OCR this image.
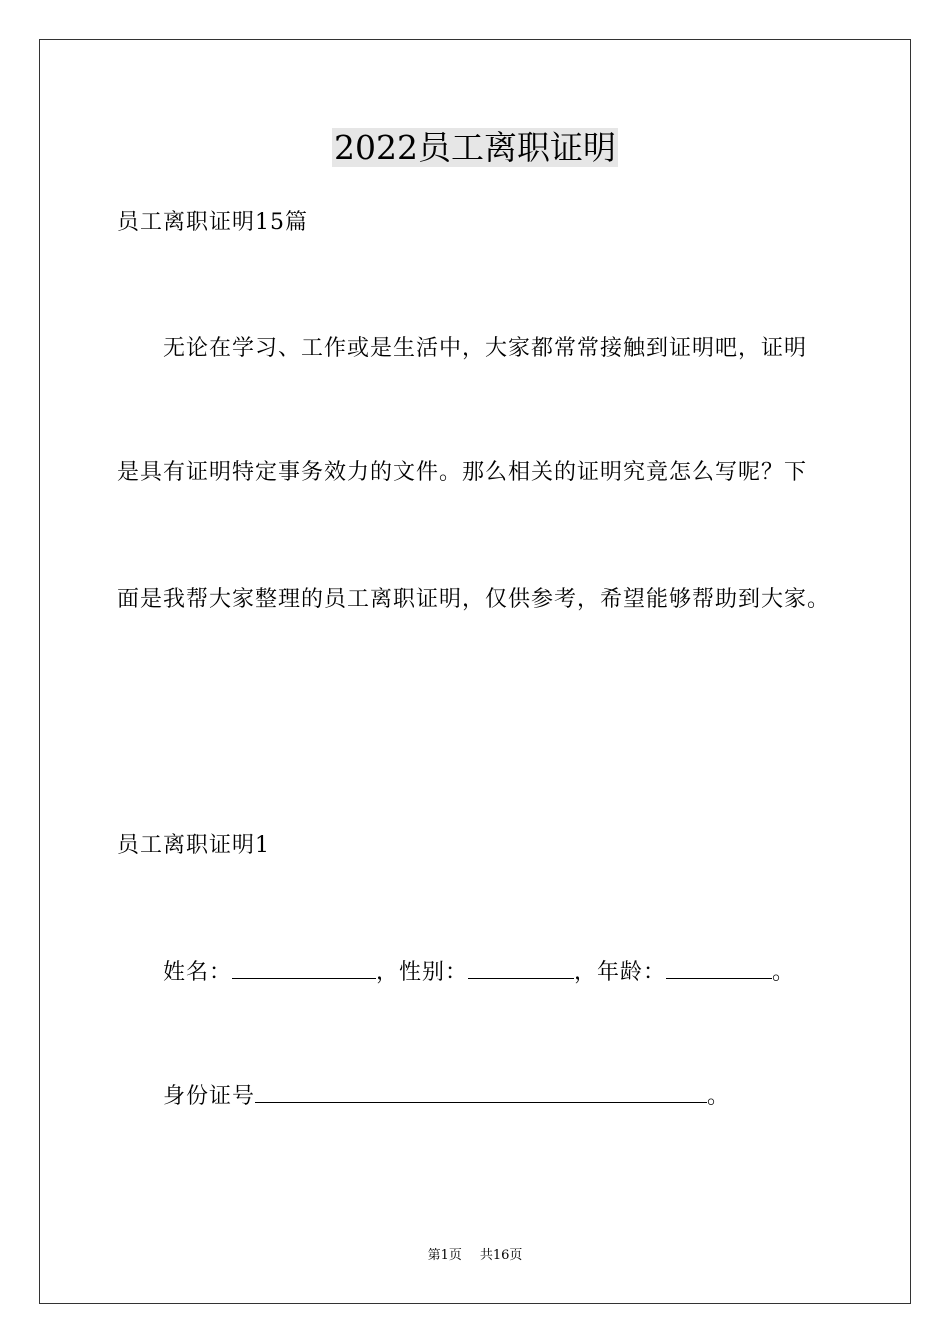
2022员工离职证明
员工离职证明15篇
无论在学习、工作或是生活中，大家都常常接触到证明吧，证明
是具有证明特定事务效力的文件。那么相关的证明究竟怎么写呢？下
面是我帮大家整理的员工离职证明，仅供参考，希望能够帮助到大家。
员工离职证明1
姓名：	，性别：	，年龄：	。
身份证号	。
第1页 共16页
